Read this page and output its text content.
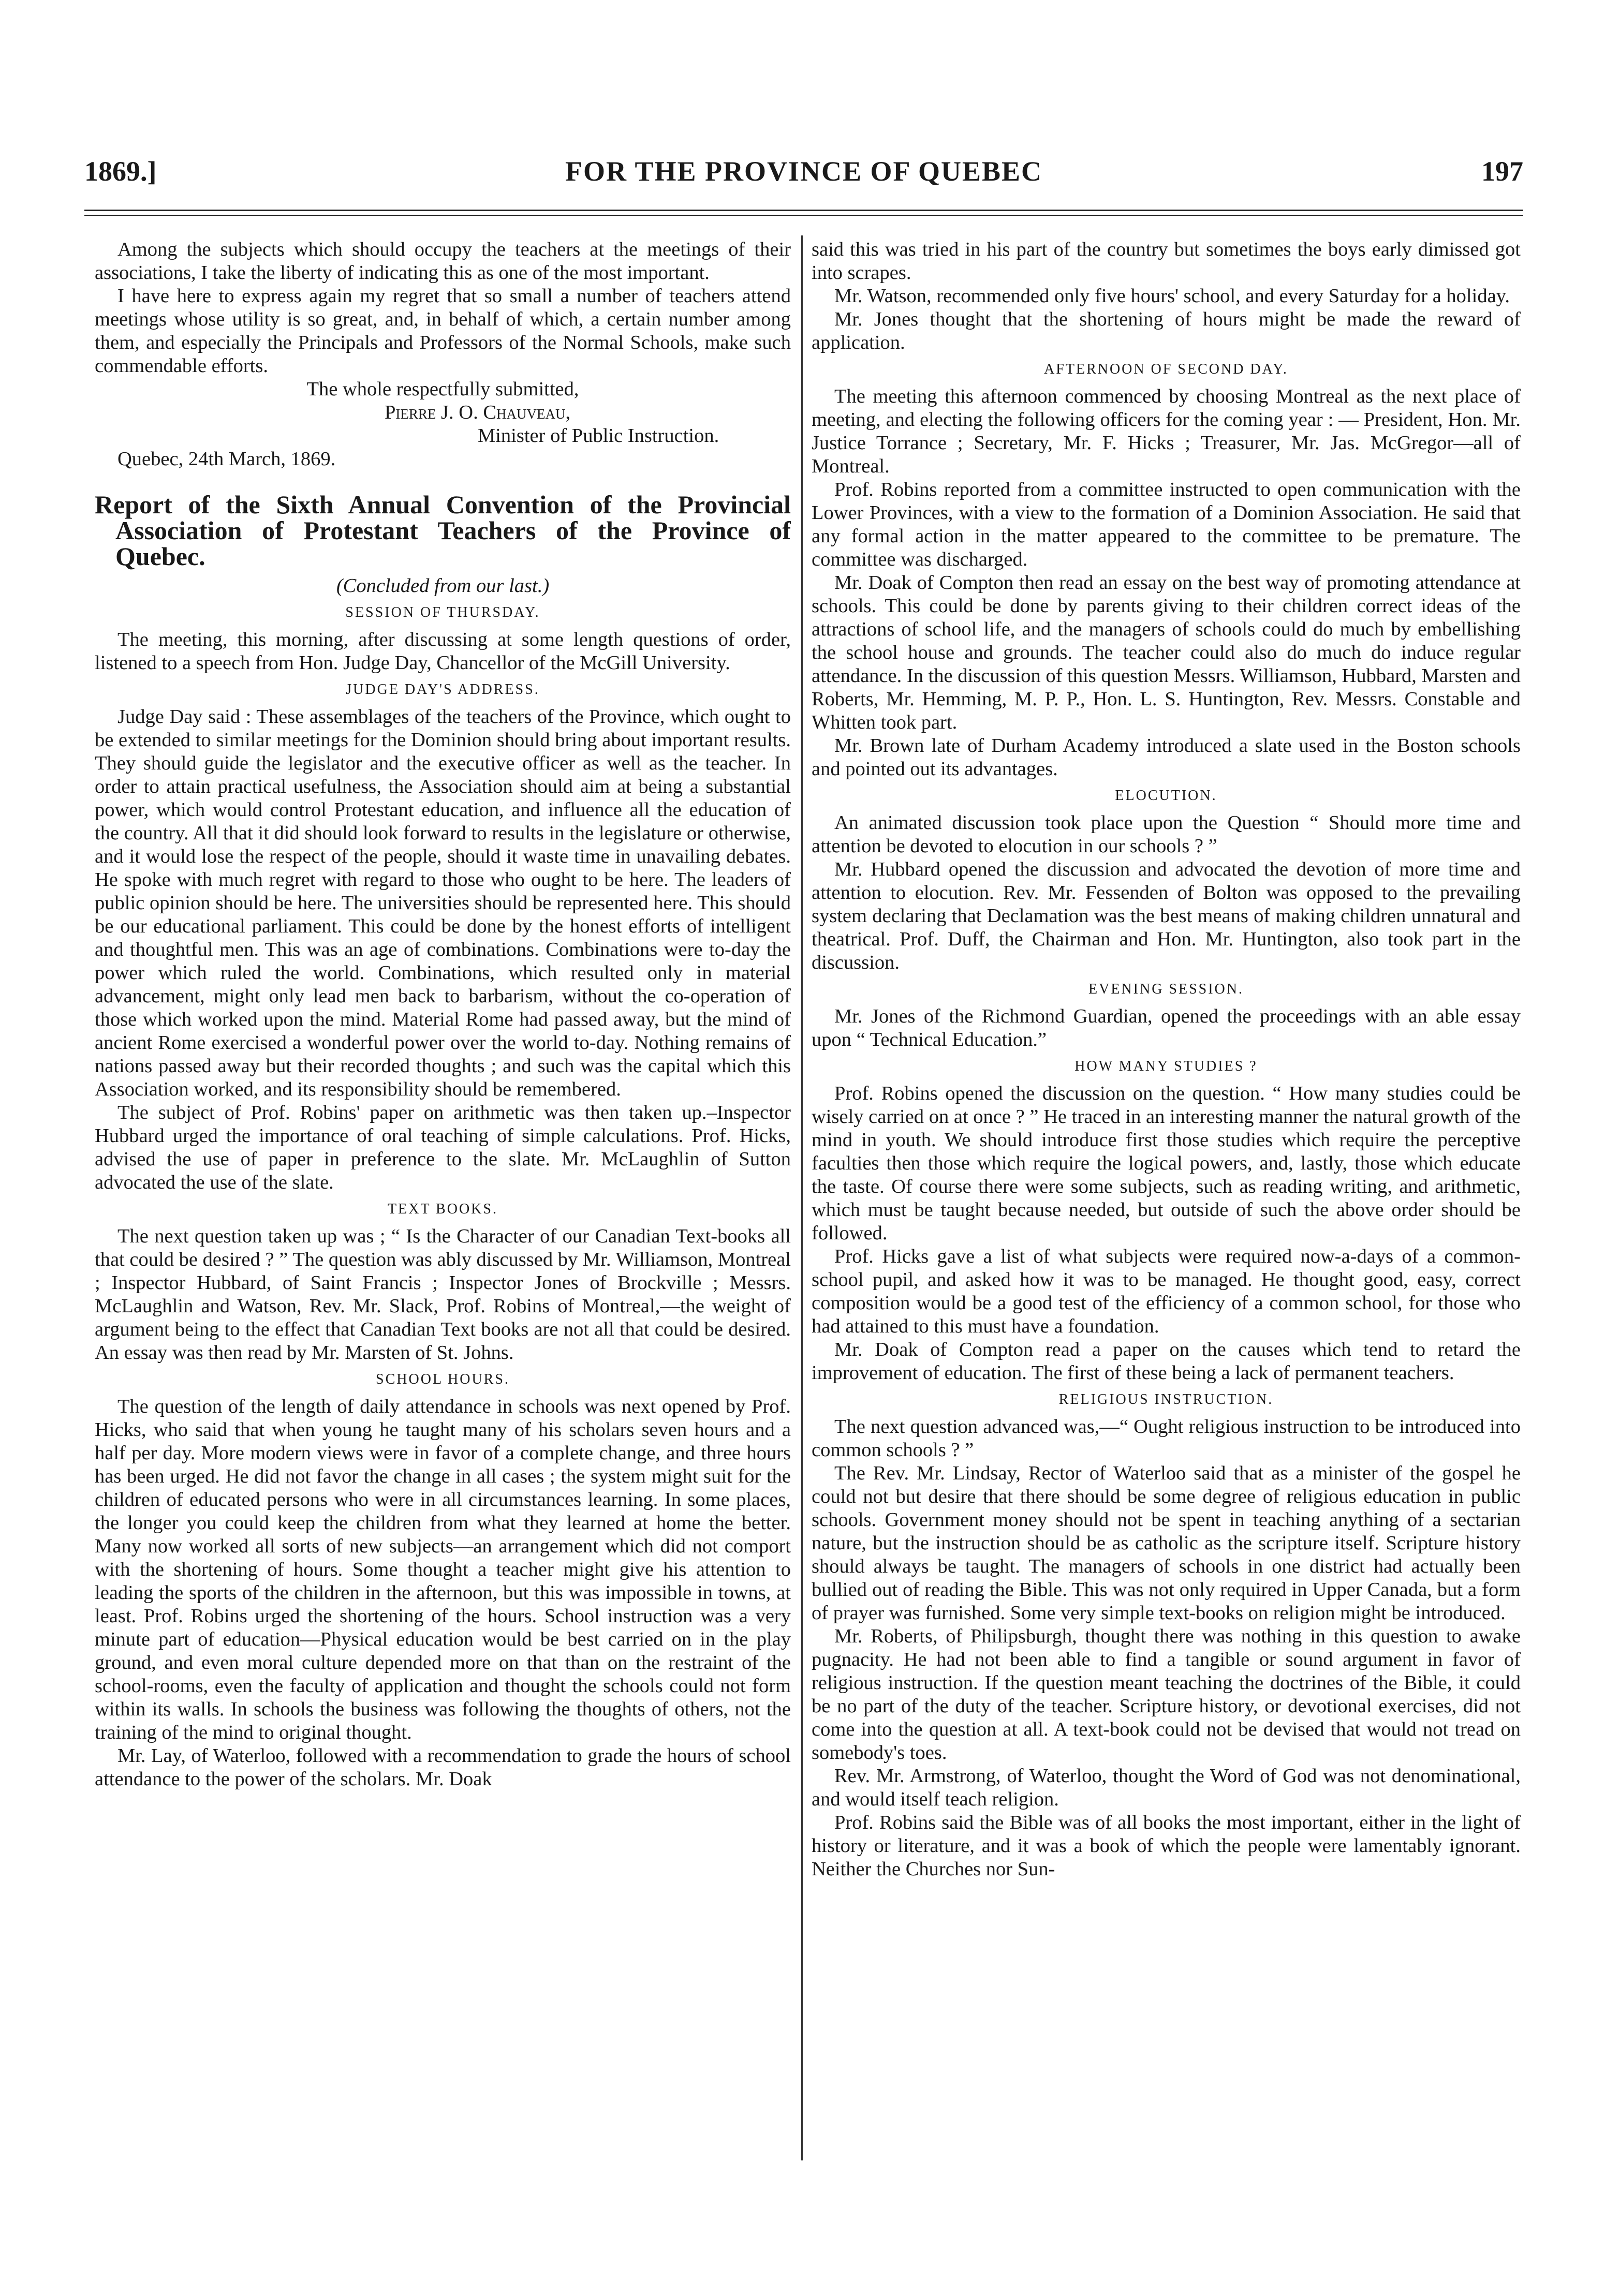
1869.]	FOR THE PROVINCE OF QUEBEC	197

Among the subjects which should occupy the teachers at the meetings of their associations, I take the liberty of indicating this as one of the most important.

I have here to express again my regret that so small a number of teachers attend meetings whose utility is so great, and, in behalf of which, a certain number among them, and especially the Principals and Professors of the Normal Schools, make such commendable efforts.

The whole respectfully submitted,

Pierre J. O. Chauveau,

Minister of Public Instruction.

Quebec, 24th March, 1869.

Report of the Sixth Annual Convention of the Provincial Association of Protestant Teachers of the Province of Quebec.

(Concluded from our last.)

SESSION OF THURSDAY.

The meeting, this morning, after discussing at some length questions of order, listened to a speech from Hon. Judge Day, Chancellor of the McGill University.

JUDGE DAY'S ADDRESS.

Judge Day said : These assemblages of the teachers of the Province, which ought to be extended to similar meetings for the Dominion should bring about important results. They should guide the legislator and the executive officer as well as the teacher. In order to attain practical usefulness, the Association should aim at being a substantial power, which would control Protestant education, and influence all the education of the country. All that it did should look forward to results in the legislature or otherwise, and it would lose the respect of the people, should it waste time in unavailing debates. He spoke with much regret with regard to those who ought to be here. The leaders of public opinion should be here. The universities should be represented here. This should be our educational parliament. This could be done by the honest efforts of intelligent and thoughtful men. This was an age of combinations. Combinations were to-day the power which ruled the world. Combinations, which resulted only in material advancement, might only lead men back to barbarism, without the co-operation of those which worked upon the mind. Material Rome had passed away, but the mind of ancient Rome exercised a wonderful power over the world to-day. Nothing remains of nations passed away but their recorded thoughts ; and such was the capital which this Association worked, and its responsibility should be remembered.

The subject of Prof. Robins' paper on arithmetic was then taken up.–Inspector Hubbard urged the importance of oral teaching of simple calculations. Prof. Hicks, advised the use of paper in preference to the slate. Mr. McLaughlin of Sutton advocated the use of the slate.

TEXT BOOKS.

The next question taken up was ; “ Is the Character of our Canadian Text-books all that could be desired ? ” The question was ably discussed by Mr. Williamson, Montreal ; Inspector Hubbard, of Saint Francis ; Inspector Jones of Brockville ; Messrs. McLaughlin and Watson, Rev. Mr. Slack, Prof. Robins of Montreal,—the weight of argument being to the effect that Canadian Text books are not all that could be desired. An essay was then read by Mr. Marsten of St. Johns.

SCHOOL HOURS.

The question of the length of daily attendance in schools was next opened by Prof. Hicks, who said that when young he taught many of his scholars seven hours and a half per day. More modern views were in favor of a complete change, and three hours has been urged. He did not favor the change in all cases ; the system might suit for the children of educated persons who were in all circumstances learning. In some places, the longer you could keep the children from what they learned at home the better. Many now worked all sorts of new subjects—an arrangement which did not comport with the shortening of hours. Some thought a teacher might give his attention to leading the sports of the children in the afternoon, but this was impossible in towns, at least. Prof. Robins urged the shortening of the hours. School instruction was a very minute part of education—Physical education would be best carried on in the play ground, and even moral culture depended more on that than on the restraint of the school-rooms, even the faculty of application and thought the schools could not form within its walls. In schools the business was following the thoughts of others, not the training of the mind to original thought.

Mr. Lay, of Waterloo, followed with a recommendation to grade the hours of school attendance to the power of the scholars. Mr. Doak

said this was tried in his part of the country but sometimes the boys early dimissed got into scrapes.

Mr. Watson, recommended only five hours' school, and every Saturday for a holiday.

Mr. Jones thought that the shortening of hours might be made the reward of application.

AFTERNOON OF SECOND DAY.

The meeting this afternoon commenced by choosing Montreal as the next place of meeting, and electing the following officers for the coming year : — President, Hon. Mr. Justice Torrance ; Secretary, Mr. F. Hicks ; Treasurer, Mr. Jas. McGregor—all of Montreal.

Prof. Robins reported from a committee instructed to open communication with the Lower Provinces, with a view to the formation of a Dominion Association. He said that any formal action in the matter appeared to the committee to be premature. The committee was discharged.

Mr. Doak of Compton then read an essay on the best way of promoting attendance at schools. This could be done by parents giving to their children correct ideas of the attractions of school life, and the managers of schools could do much by embellishing the school house and grounds. The teacher could also do much do induce regular attendance. In the discussion of this question Messrs. Williamson, Hubbard, Marsten and Roberts, Mr. Hemming, M. P. P., Hon. L. S. Huntington, Rev. Messrs. Constable and Whitten took part.

Mr. Brown late of Durham Academy introduced a slate used in the Boston schools and pointed out its advantages.

ELOCUTION.

An animated discussion took place upon the Question “ Should more time and attention be devoted to elocution in our schools ? ”

Mr. Hubbard opened the discussion and advocated the devotion of more time and attention to elocution. Rev. Mr. Fessenden of Bolton was opposed to the prevailing system declaring that Declamation was the best means of making children unnatural and theatrical. Prof. Duff, the Chairman and Hon. Mr. Huntington, also took part in the discussion.

EVENING SESSION.

Mr. Jones of the Richmond Guardian, opened the proceedings with an able essay upon “ Technical Education.”

HOW MANY STUDIES ?

Prof. Robins opened the discussion on the question. “ How many studies could be wisely carried on at once ? ” He traced in an interesting manner the natural growth of the mind in youth. We should introduce first those studies which require the perceptive faculties then those which require the logical powers, and, lastly, those which educate the taste. Of course there were some subjects, such as reading writing, and arithmetic, which must be taught because needed, but outside of such the above order should be followed.

Prof. Hicks gave a list of what subjects were required now-a-days of a common-school pupil, and asked how it was to be managed. He thought good, easy, correct composition would be a good test of the efficiency of a common school, for those who had attained to this must have a foundation.

Mr. Doak of Compton read a paper on the causes which tend to retard the improvement of education. The first of these being a lack of permanent teachers.

RELIGIOUS INSTRUCTION.

The next question advanced was,—“ Ought religious instruction to be introduced into common schools ? ”

The Rev. Mr. Lindsay, Rector of Waterloo said that as a minister of the gospel he could not but desire that there should be some degree of religious education in public schools. Government money should not be spent in teaching anything of a sectarian nature, but the instruction should be as catholic as the scripture itself. Scripture history should always be taught. The managers of schools in one district had actually been bullied out of reading the Bible. This was not only required in Upper Canada, but a form of prayer was furnished. Some very simple text-books on religion might be introduced.

Mr. Roberts, of Philipsburgh, thought there was nothing in this question to awake pugnacity. He had not been able to find a tangible or sound argument in favor of religious instruction. If the question meant teaching the doctrines of the Bible, it could be no part of the duty of the teacher. Scripture history, or devotional exercises, did not come into the question at all. A text-book could not be devised that would not tread on somebody's toes.

Rev. Mr. Armstrong, of Waterloo, thought the Word of God was not denominational, and would itself teach religion.

Prof. Robins said the Bible was of all books the most important, either in the light of history or literature, and it was a book of which the people were lamentably ignorant. Neither the Churches nor Sun-
